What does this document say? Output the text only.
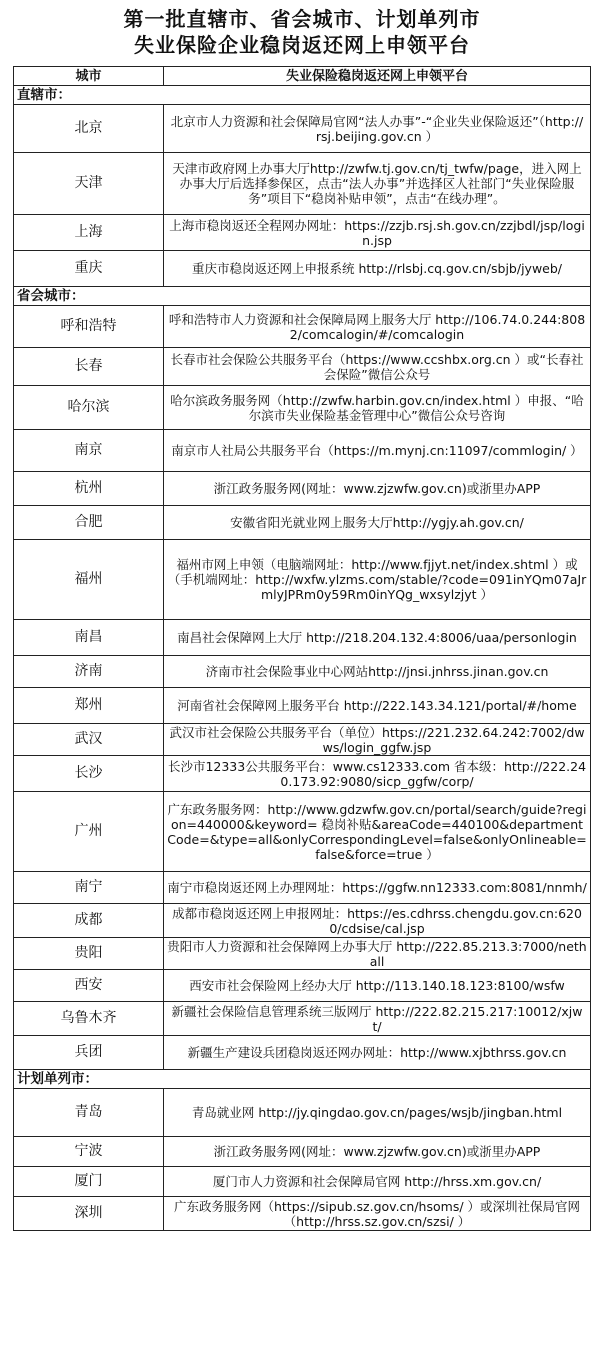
第一批直辖市、省会城市、计划单列市
失业保险企业稳岗返还网上申领平台
城市	失业保险稳岗返还网上申领平台
直辖市：	
北京	北京市人力资源和社会保障局官网“法人办事”-“企业失业保险返还”（http:// rsj.beijing.gov.cn ）
天津	天津市政府网上办事大厅http://zwfw.tj.gov.cn/tj_twfw/page，进入网上办事大厅后选择参保区，点击“法人办事”并选择区人社部门“失业保险服务”项目下“稳岗补贴申领”，点击“在线办理”。
上海	上海市稳岗返还全程网办网址：https://zzjb.rsj.sh.gov.cn/zzjbdl/jsp/login.jsp
重庆	重庆市稳岗返还网上申报系统 http://rlsbj.cq.gov.cn/sbjb/jyweb/
省会城市：	
呼和浩特	呼和浩特市人力资源和社会保障局网上服务大厅 http://106.74.0.244:8082/comcalogin/#/comcalogin
长春	长春市社会保险公共服务平台（https://www.ccshbx.org.cn ）或“长春社会保险”微信公众号
哈尔滨	哈尔滨政务服务网（http://zwfw.harbin.gov.cn/index.html ）申报、“哈尔滨市失业保险基金管理中心”微信公众号咨询
南京	南京市人社局公共服务平台（https://m.mynj.cn:11097/commlogin/ ）
杭州	浙江政务服务网(网址：www.zjzwfw.gov.cn)或浙里办APP
合肥	安徽省阳光就业网上服务大厅http://ygjy.ah.gov.cn/
福州	福州市网上申领（电脑端网址：http://www.fjjyt.net/index.shtml ）或（手机端网址：http://wxfw.ylzms.com/stable/?code=091inYQm07aJrmlyJPRm0y59Rm0inYQg_wxsylzjyt ）
南昌	南昌社会保障网上大厅 http://218.204.132.4:8006/uaa/personlogin
济南	济南市社会保险事业中心网站http://jnsi.jnhrss.jinan.gov.cn
郑州	河南省社会保障网上服务平台 http://222.143.34.121/portal/#/home
武汉	武汉市社会保险公共服务平台（单位）https://221.232.64.242:7002/dwws/login_ggfw.jsp
长沙	长沙市12333公共服务平台：www.cs12333.com 省本级：http://222.240.173.92:9080/sicp_ggfw/corp/
广州	广东政务服务网：http://www.gdzwfw.gov.cn/portal/search/guide?region=440000&keyword= 稳岗补贴&areaCode=440100&departmentCode=&type=all&onlyCorrespondingLevel=false&onlyOnlineable=false&force=true ）
南宁	南宁市稳岗返还网上办理网址：https://ggfw.nn12333.com:8081/nnmh/
成都	成都市稳岗返还网上申报网址：https://es.cdhrss.chengdu.gov.cn:6200/cdsise/cal.jsp
贵阳	贵阳市人力资源和社会保障网上办事大厅 http://222.85.213.3:7000/nethall
西安	西安市社会保险网上经办大厅 http://113.140.18.123:8100/wsfw
乌鲁木齐	新疆社会保险信息管理系统三版网厅 http://222.82.215.217:10012/xjwt/
兵团	新疆生产建设兵团稳岗返还网办网址：http://www.xjbthrss.gov.cn
计划单列市：	
青岛	青岛就业网 http://jy.qingdao.gov.cn/pages/wsjb/jingban.html
宁波	浙江政务服务网(网址：www.zjzwfw.gov.cn)或浙里办APP
厦门	厦门市人力资源和社会保障局官网 http://hrss.xm.gov.cn/
深圳	广东政务服务网（https://sipub.sz.gov.cn/hsoms/ ）或深圳社保局官网（http://hrss.sz.gov.cn/szsi/ ）
